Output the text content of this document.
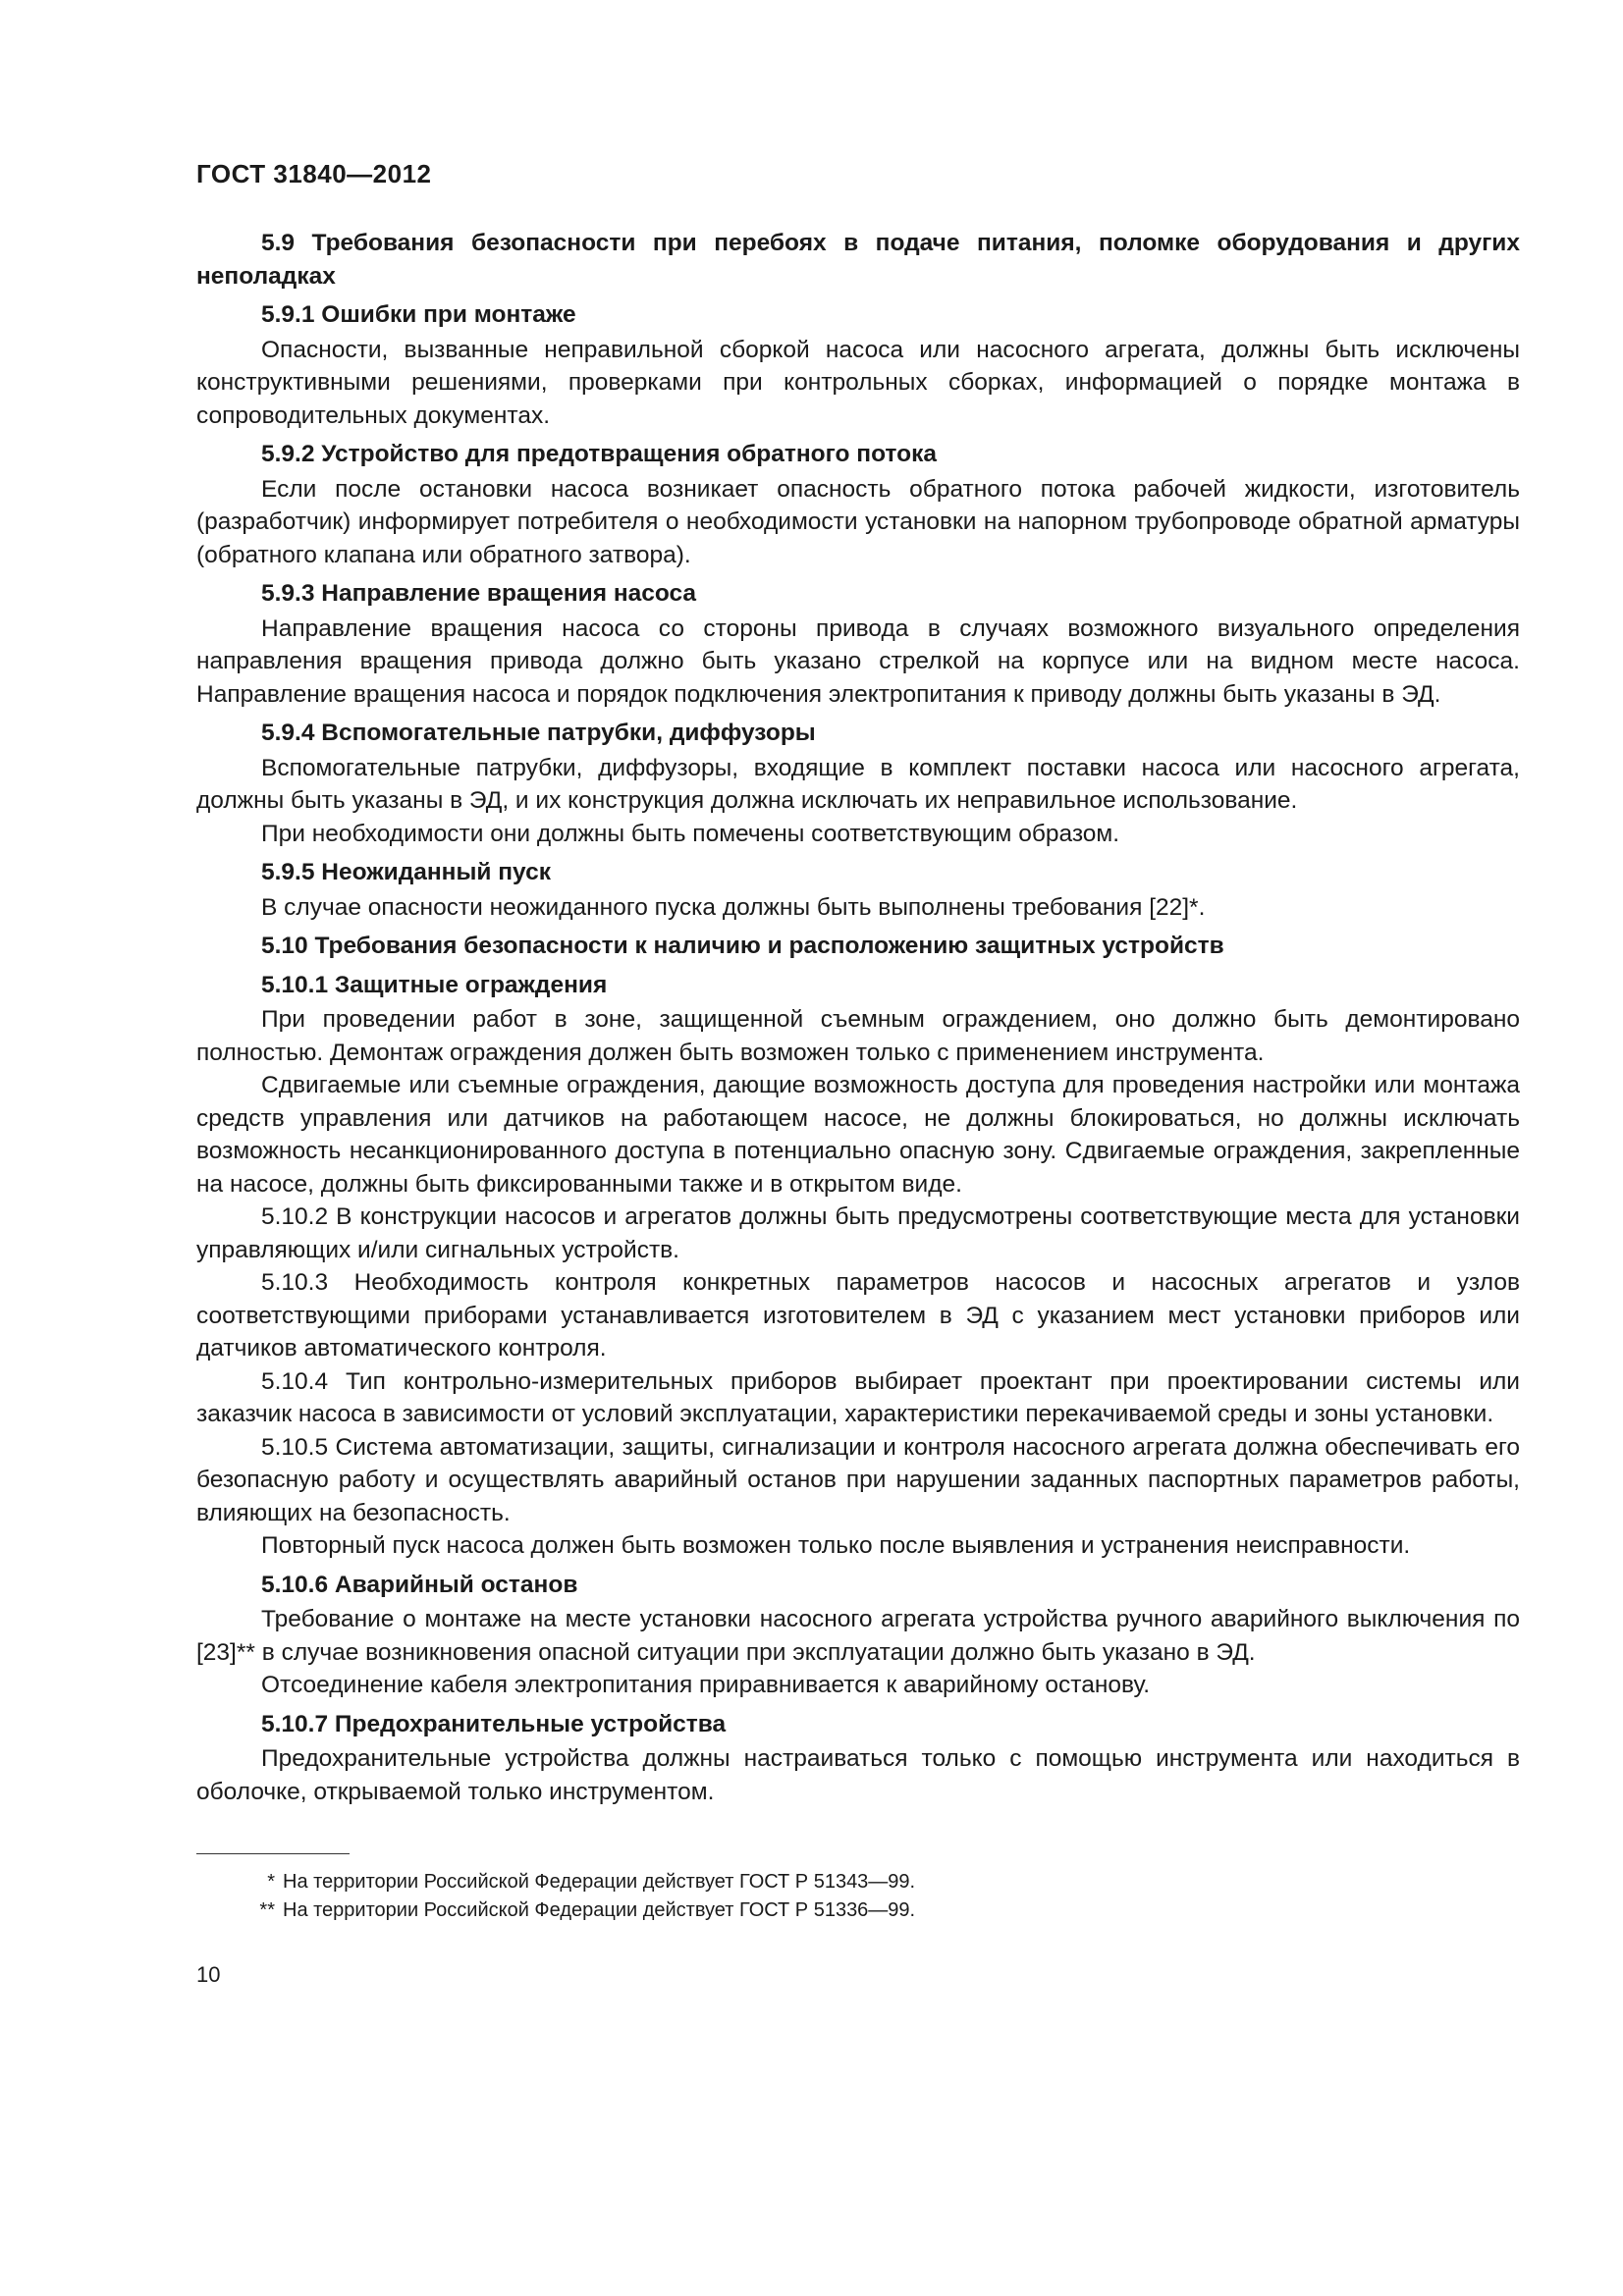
ГОСТ 31840—2012
5.9 Требования безопасности при перебоях в подаче питания, поломке оборудования и других неполадках
5.9.1 Ошибки при монтаже

Опасности, вызванные неправильной сборкой насоса или насосного агрегата, должны быть исключены конструктивными решениями, проверками при контрольных сборках, информацией о порядке монтажа в сопроводительных документах.

5.9.2 Устройство для предотвращения обратного потока

Если после остановки насоса возникает опасность обратного потока рабочей жидкости, изготовитель (разработчик) информирует потребителя о необходимости установки на напорном трубопроводе обратной арматуры (обратного клапана или обратного затвора).

5.9.3 Направление вращения насоса

Направление вращения насоса со стороны привода в случаях возможного визуального определения направления вращения привода должно быть указано стрелкой на корпусе или на видном месте насоса. Направление вращения насоса и порядок подключения электропитания к приводу должны быть указаны в ЭД.

5.9.4 Вспомогательные патрубки, диффузоры

Вспомогательные патрубки, диффузоры, входящие в комплект поставки насоса или насосного агрегата, должны быть указаны в ЭД, и их конструкция должна исключать их неправильное использование.

При необходимости они должны быть помечены соответствующим образом.

5.9.5 Неожиданный пуск

В случае опасности неожиданного пуска должны быть выполнены требования [22]*.

5.10 Требования безопасности к наличию и расположению защитных устройств
5.10.1 Защитные ограждения

При проведении работ в зоне, защищенной съемным ограждением, оно должно быть демонтировано полностью. Демонтаж ограждения должен быть возможен только с применением инструмента.

Сдвигаемые или съемные ограждения, дающие возможность доступа для проведения настройки или монтажа средств управления или датчиков на работающем насосе, не должны блокироваться, но должны исключать возможность несанкционированного доступа в потенциально опасную зону. Сдвигаемые ограждения, закрепленные на насосе, должны быть фиксированными также и в открытом виде.

5.10.2 В конструкции насосов и агрегатов должны быть предусмотрены соответствующие места для установки управляющих и/или сигнальных устройств.

5.10.3 Необходимость контроля конкретных параметров насосов и насосных агрегатов и узлов соответствующими приборами устанавливается изготовителем в ЭД с указанием мест установки приборов или датчиков автоматического контроля.

5.10.4 Тип контрольно-измерительных приборов выбирает проектант при проектировании системы или заказчик насоса в зависимости от условий эксплуатации, характеристики перекачиваемой среды и зоны установки.

5.10.5 Система автоматизации, защиты, сигнализации и контроля насосного агрегата должна обеспечивать его безопасную работу и осуществлять аварийный останов при нарушении заданных паспортных параметров работы, влияющих на безопасность.

Повторный пуск насоса должен быть возможен только после выявления и устранения неисправности.

5.10.6 Аварийный останов

Требование о монтаже на месте установки насосного агрегата устройства ручного аварийного выключения по [23]** в случае возникновения опасной ситуации при эксплуатации должно быть указано в ЭД.

Отсоединение кабеля электропитания приравнивается к аварийному останову.

5.10.7 Предохранительные устройства

Предохранительные устройства должны настраиваться только с помощью инструмента или находиться в оболочке, открываемой только инструментом.

* На территории Российской Федерации действует ГОСТ Р 51343—99.
** На территории Российской Федерации действует ГОСТ Р 51336—99.
10
